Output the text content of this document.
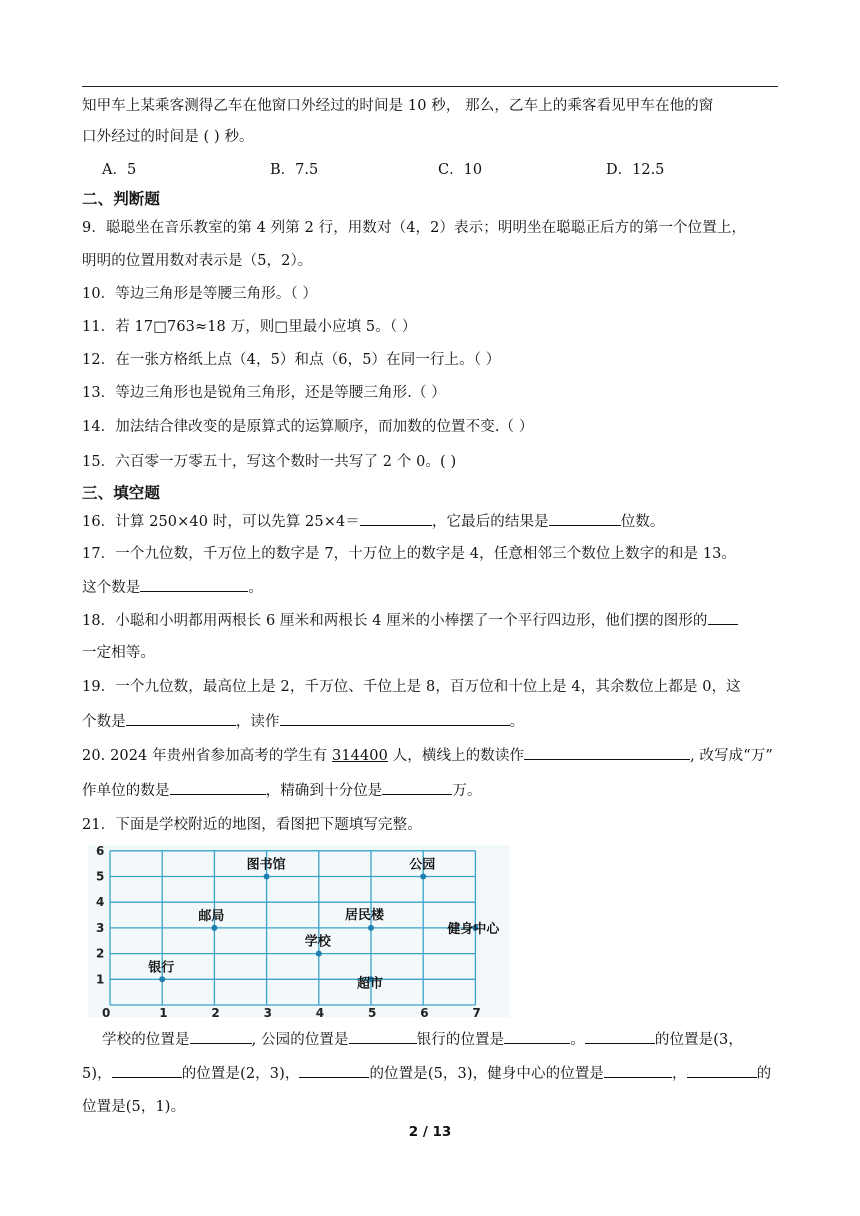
知甲车上某乘客测得乙车在他窗口外经过的时间是 10 秒， 那么，乙车上的乘客看见甲车在他的窗
口外经过的时间是 ( ) 秒。
A．5	B．7.5	C．10	D．12.5
二、判断题
9．聪聪坐在音乐教室的第 4 列第 2 行，用数对（4，2）表示；明明坐在聪聪正后方的第一个位置上，
明明的位置用数对表示是（5，2）。
10．等边三角形是等腰三角形。（ ）
11．若 17□763≈18 万，则□里最小应填 5。（ ）
12．在一张方格纸上点（4，5）和点（6，5）在同一行上。（ ）
13．等边三角形也是锐角三角形，还是等腰三角形.（ ）
14．加法结合律改变的是原算式的运算顺序，而加数的位置不变.（ ）
15．六百零一万零五十，写这个数时一共写了 2 个 0。( )
三、填空题
16．计算 250×40 时，可以先算 25×4＝	，它最后的结果是	位数。
17．一个九位数，千万位上的数字是 7，十万位上的数字是 4，任意相邻三个数位上数字的和是 13。
这个数是	。
18．小聪和小明都用两根长 6 厘米和两根长 4 厘米的小棒摆了一个平行四边形，他们摆的图形的
一定相等。
19．一个九位数，最高位上是 2，千万位、千位上是 8，百万位和十位上是 4，其余数位上都是 0，这
个数是	，读作	。
20. 2024 年贵州省参加高考的学生有 314400 人，横线上的数读作	, 改写成“万”
作单位的数是	，精确到十分位是	万。
21．下面是学校附近的地图，看图把下题填写完整。
0	1	2	3	4	5	6	7
1
2
3
4
5
6
图书馆	公园
邮局	居民楼
学校
健身中心
银行
超市
学校的位置是	, 公园的位置是	银行的位置是	。	的位置是(3，
5)，	的位置是(2，3)，	的位置是(5，3)，健身中心的位置是	，	的
位置是(5，1)。
2 / 13
